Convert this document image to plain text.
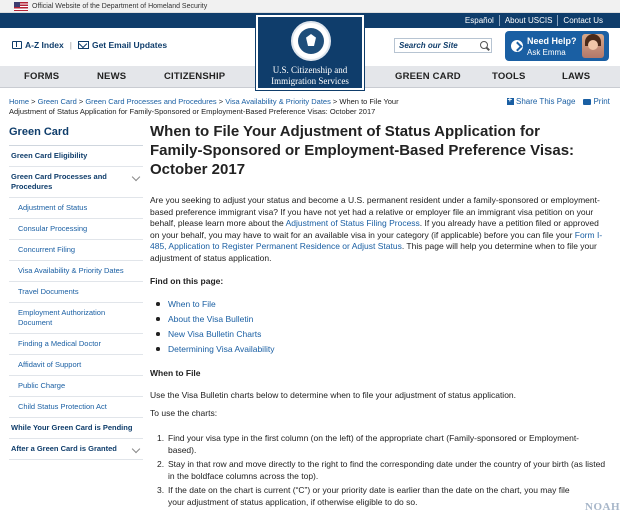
Official Website of the Department of Homeland Security
Español	About USCIS	Contact Us
A-Z Index | Get Email Updates	Search our Site	Need Help?
Ask Emma
FORMS	NEWS	CITIZENSHIP	GREEN CARD	TOOLS	LAWS
U.S. Citizenship and
Immigration Services
Home > Green Card > Green Card Processes and Procedures > Visa Availability & Priority Dates > When to File Your Adjustment of Status Application for Family-Sponsored or Employment-Based Preference Visas: October 2017
+
Share This Page Print
Green Card
Green Card Eligibility
Green Card Processes and Procedures
Adjustment of Status
Consular Processing
Concurrent Filing
Visa Availability & Priority Dates
Travel Documents
Employment Authorization Document
Finding a Medical Doctor
Affidavit of Support
Public Charge
Child Status Protection Act
While Your Green Card is Pending
After a Green Card is Granted
When to File Your Adjustment of Status Application for
Family-Sponsored or Employment-Based Preference Visas:
October 2017
Are you seeking to adjust your status and become a U.S. permanent resident under a family-sponsored or employment-based preference immigrant visa? If you have not yet had a relative or employer file an immigrant visa petition on your behalf, please learn more about the Adjustment of Status Filing Process. If you already have a petition filed or approved on your behalf, you may have to wait for an available visa in your category (if applicable) before you can file your Form I-485, Application to Register Permanent Residence or Adjust Status. This page will help you determine when to file your adjustment of status application.
Find on this page:
When to File
About the Visa Bulletin
New Visa Bulletin Charts
Determining Visa Availability
When to File
Use the Visa Bulletin charts below to determine when to file your adjustment of status application.
To use the charts:
1. Find your visa type in the first column (on the left) of the appropriate chart (Family-sponsored or Employment-based).
2. Stay in that row and move directly to the right to find the corresponding date under the country of your birth (as listed in the boldface columns across the top).
3. If the date on the chart is current (“C”) or your priority date is earlier than the date on the chart, you may file your adjustment of status application, if otherwise eligible to do so.	NOAH
